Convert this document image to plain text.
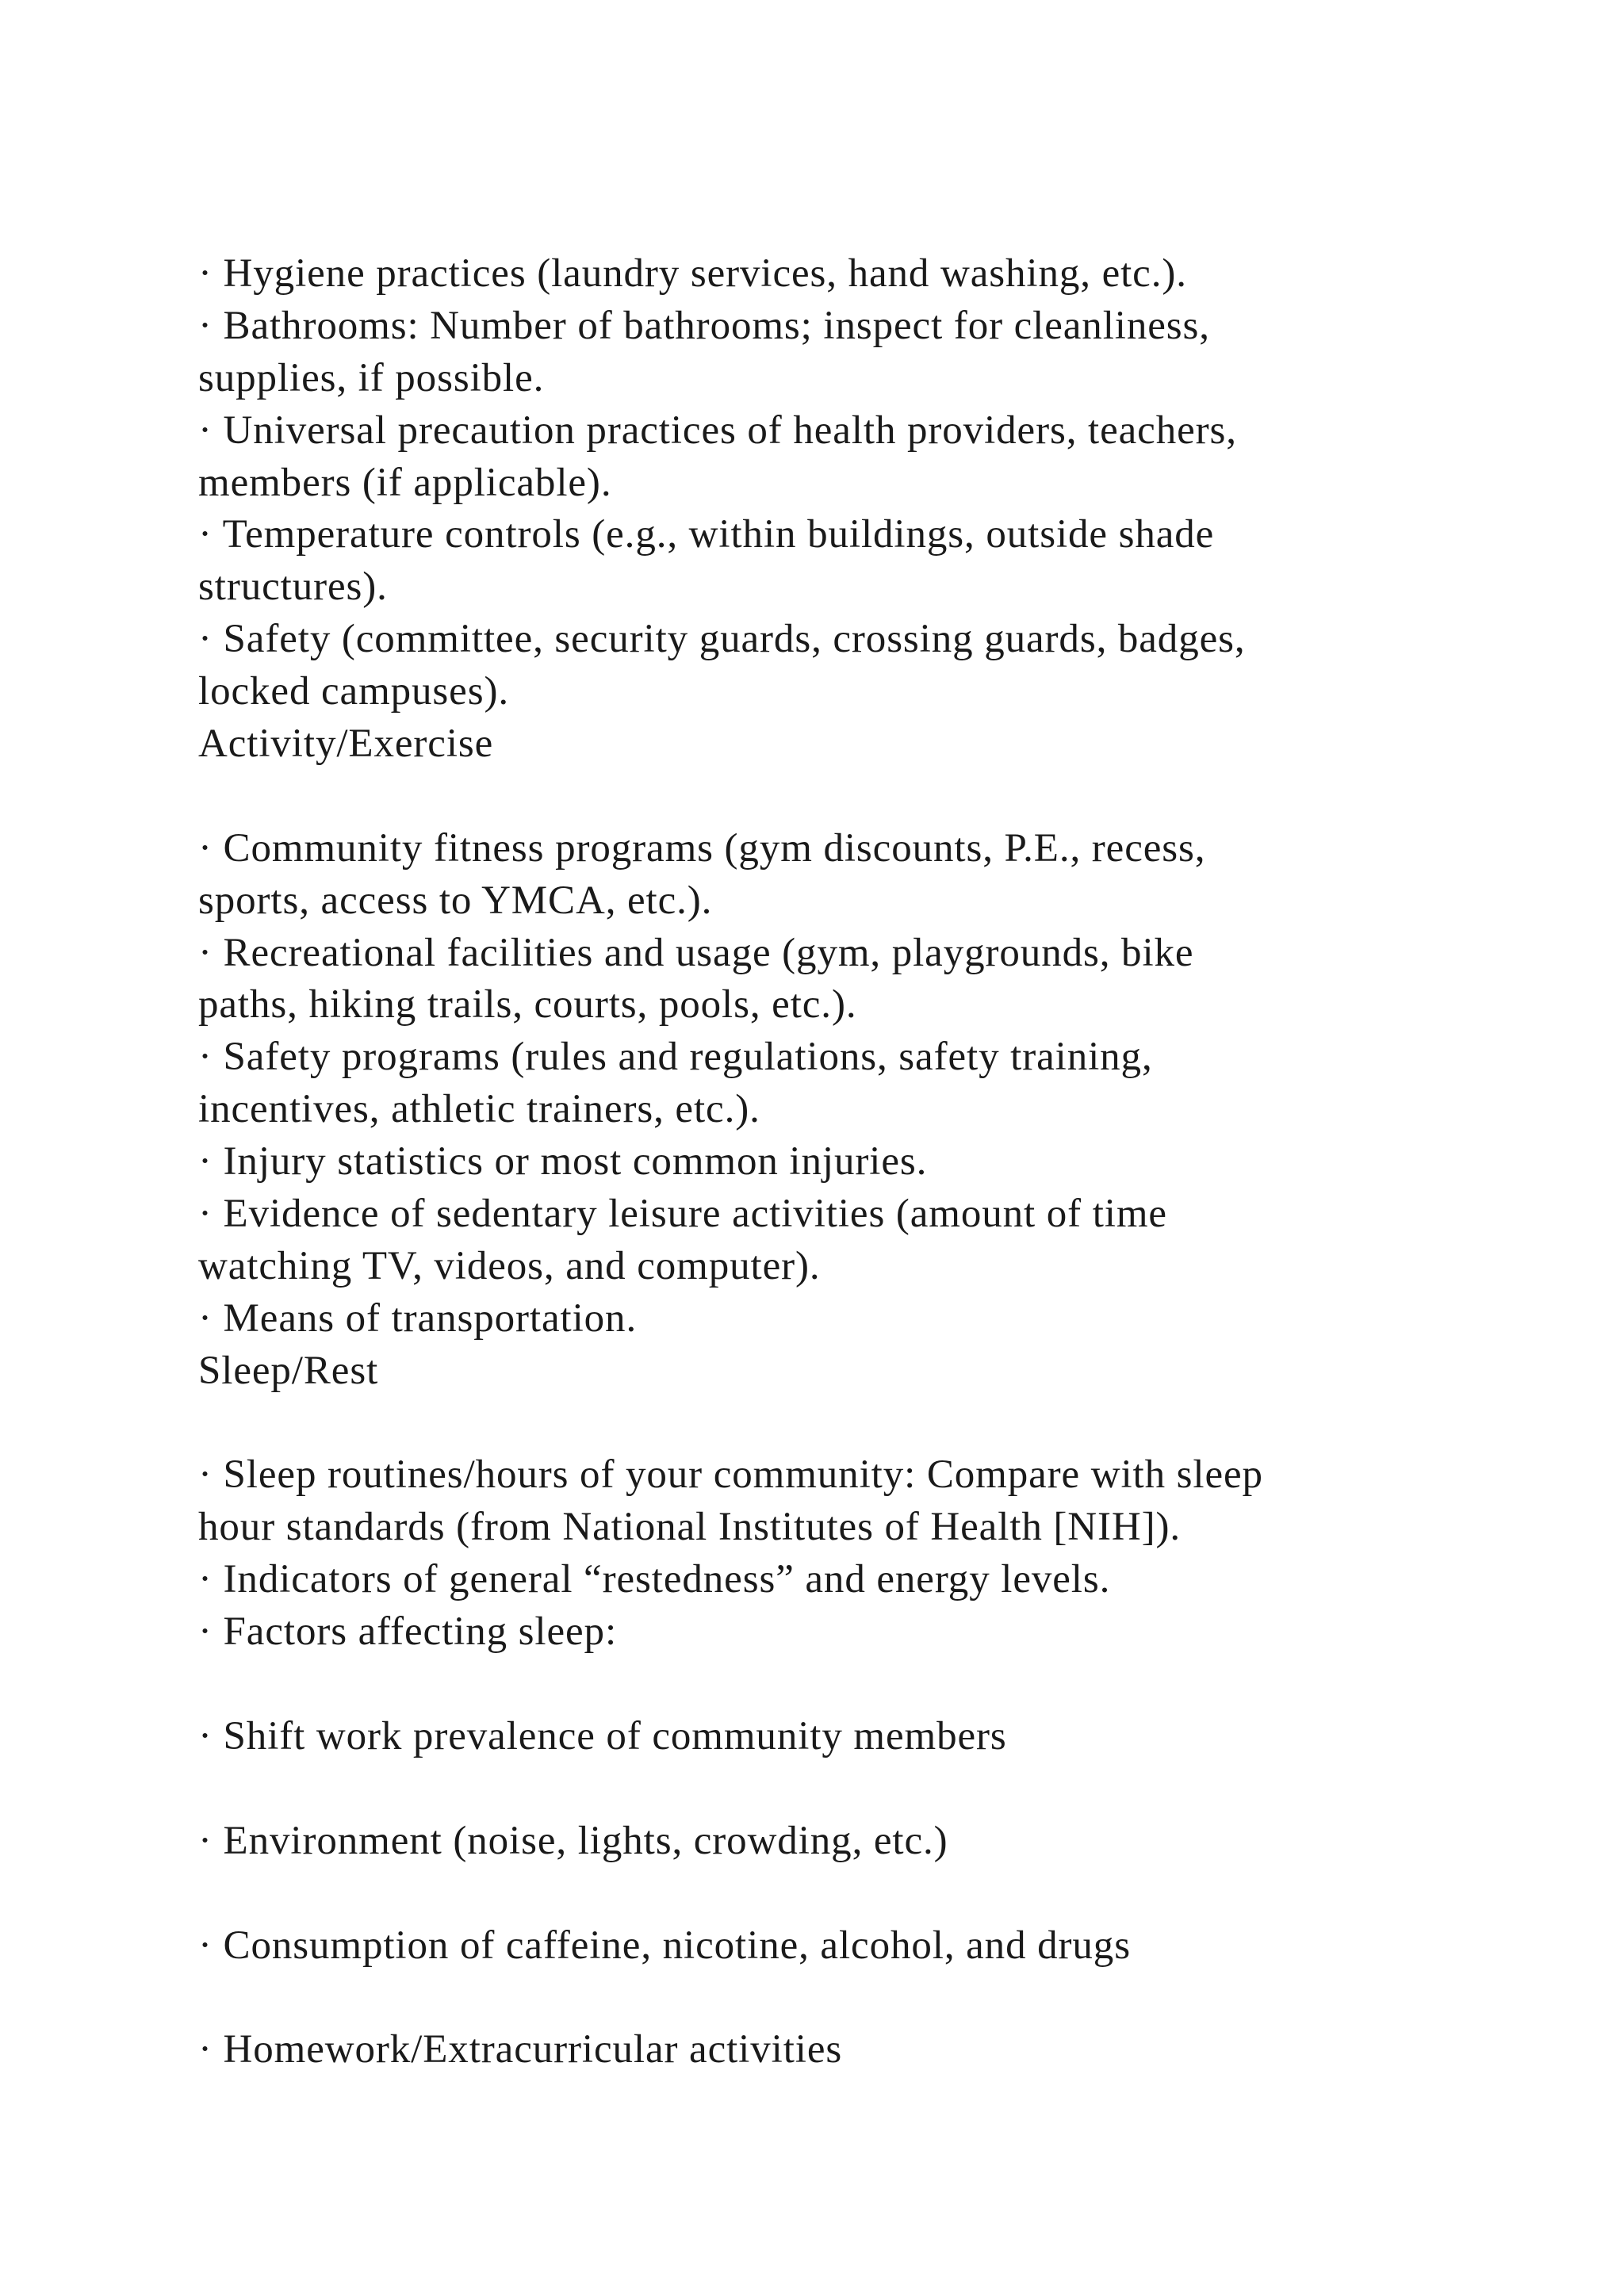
· Hygiene practices (laundry services, hand washing, etc.).
· Bathrooms: Number of bathrooms; inspect for cleanliness,
supplies, if possible.
· Universal precaution practices of health providers, teachers,
members (if applicable).
· Temperature controls (e.g., within buildings, outside shade
structures).
· Safety (committee, security guards, crossing guards, badges,
locked campuses).
Activity/Exercise
· Community fitness programs (gym discounts, P.E., recess,
sports, access to YMCA, etc.).
· Recreational facilities and usage (gym, playgrounds, bike
paths, hiking trails, courts, pools, etc.).
· Safety programs (rules and regulations, safety training,
incentives, athletic trainers, etc.).
· Injury statistics or most common injuries.
· Evidence of sedentary leisure activities (amount of time
watching TV, videos, and computer).
· Means of transportation.
Sleep/Rest
· Sleep routines/hours of your community: Compare with sleep
hour standards (from National Institutes of Health [NIH]).
· Indicators of general “restedness” and energy levels.
· Factors affecting sleep:
· Shift work prevalence of community members
· Environment (noise, lights, crowding, etc.)
· Consumption of caffeine, nicotine, alcohol, and drugs
· Homework/Extracurricular activities
